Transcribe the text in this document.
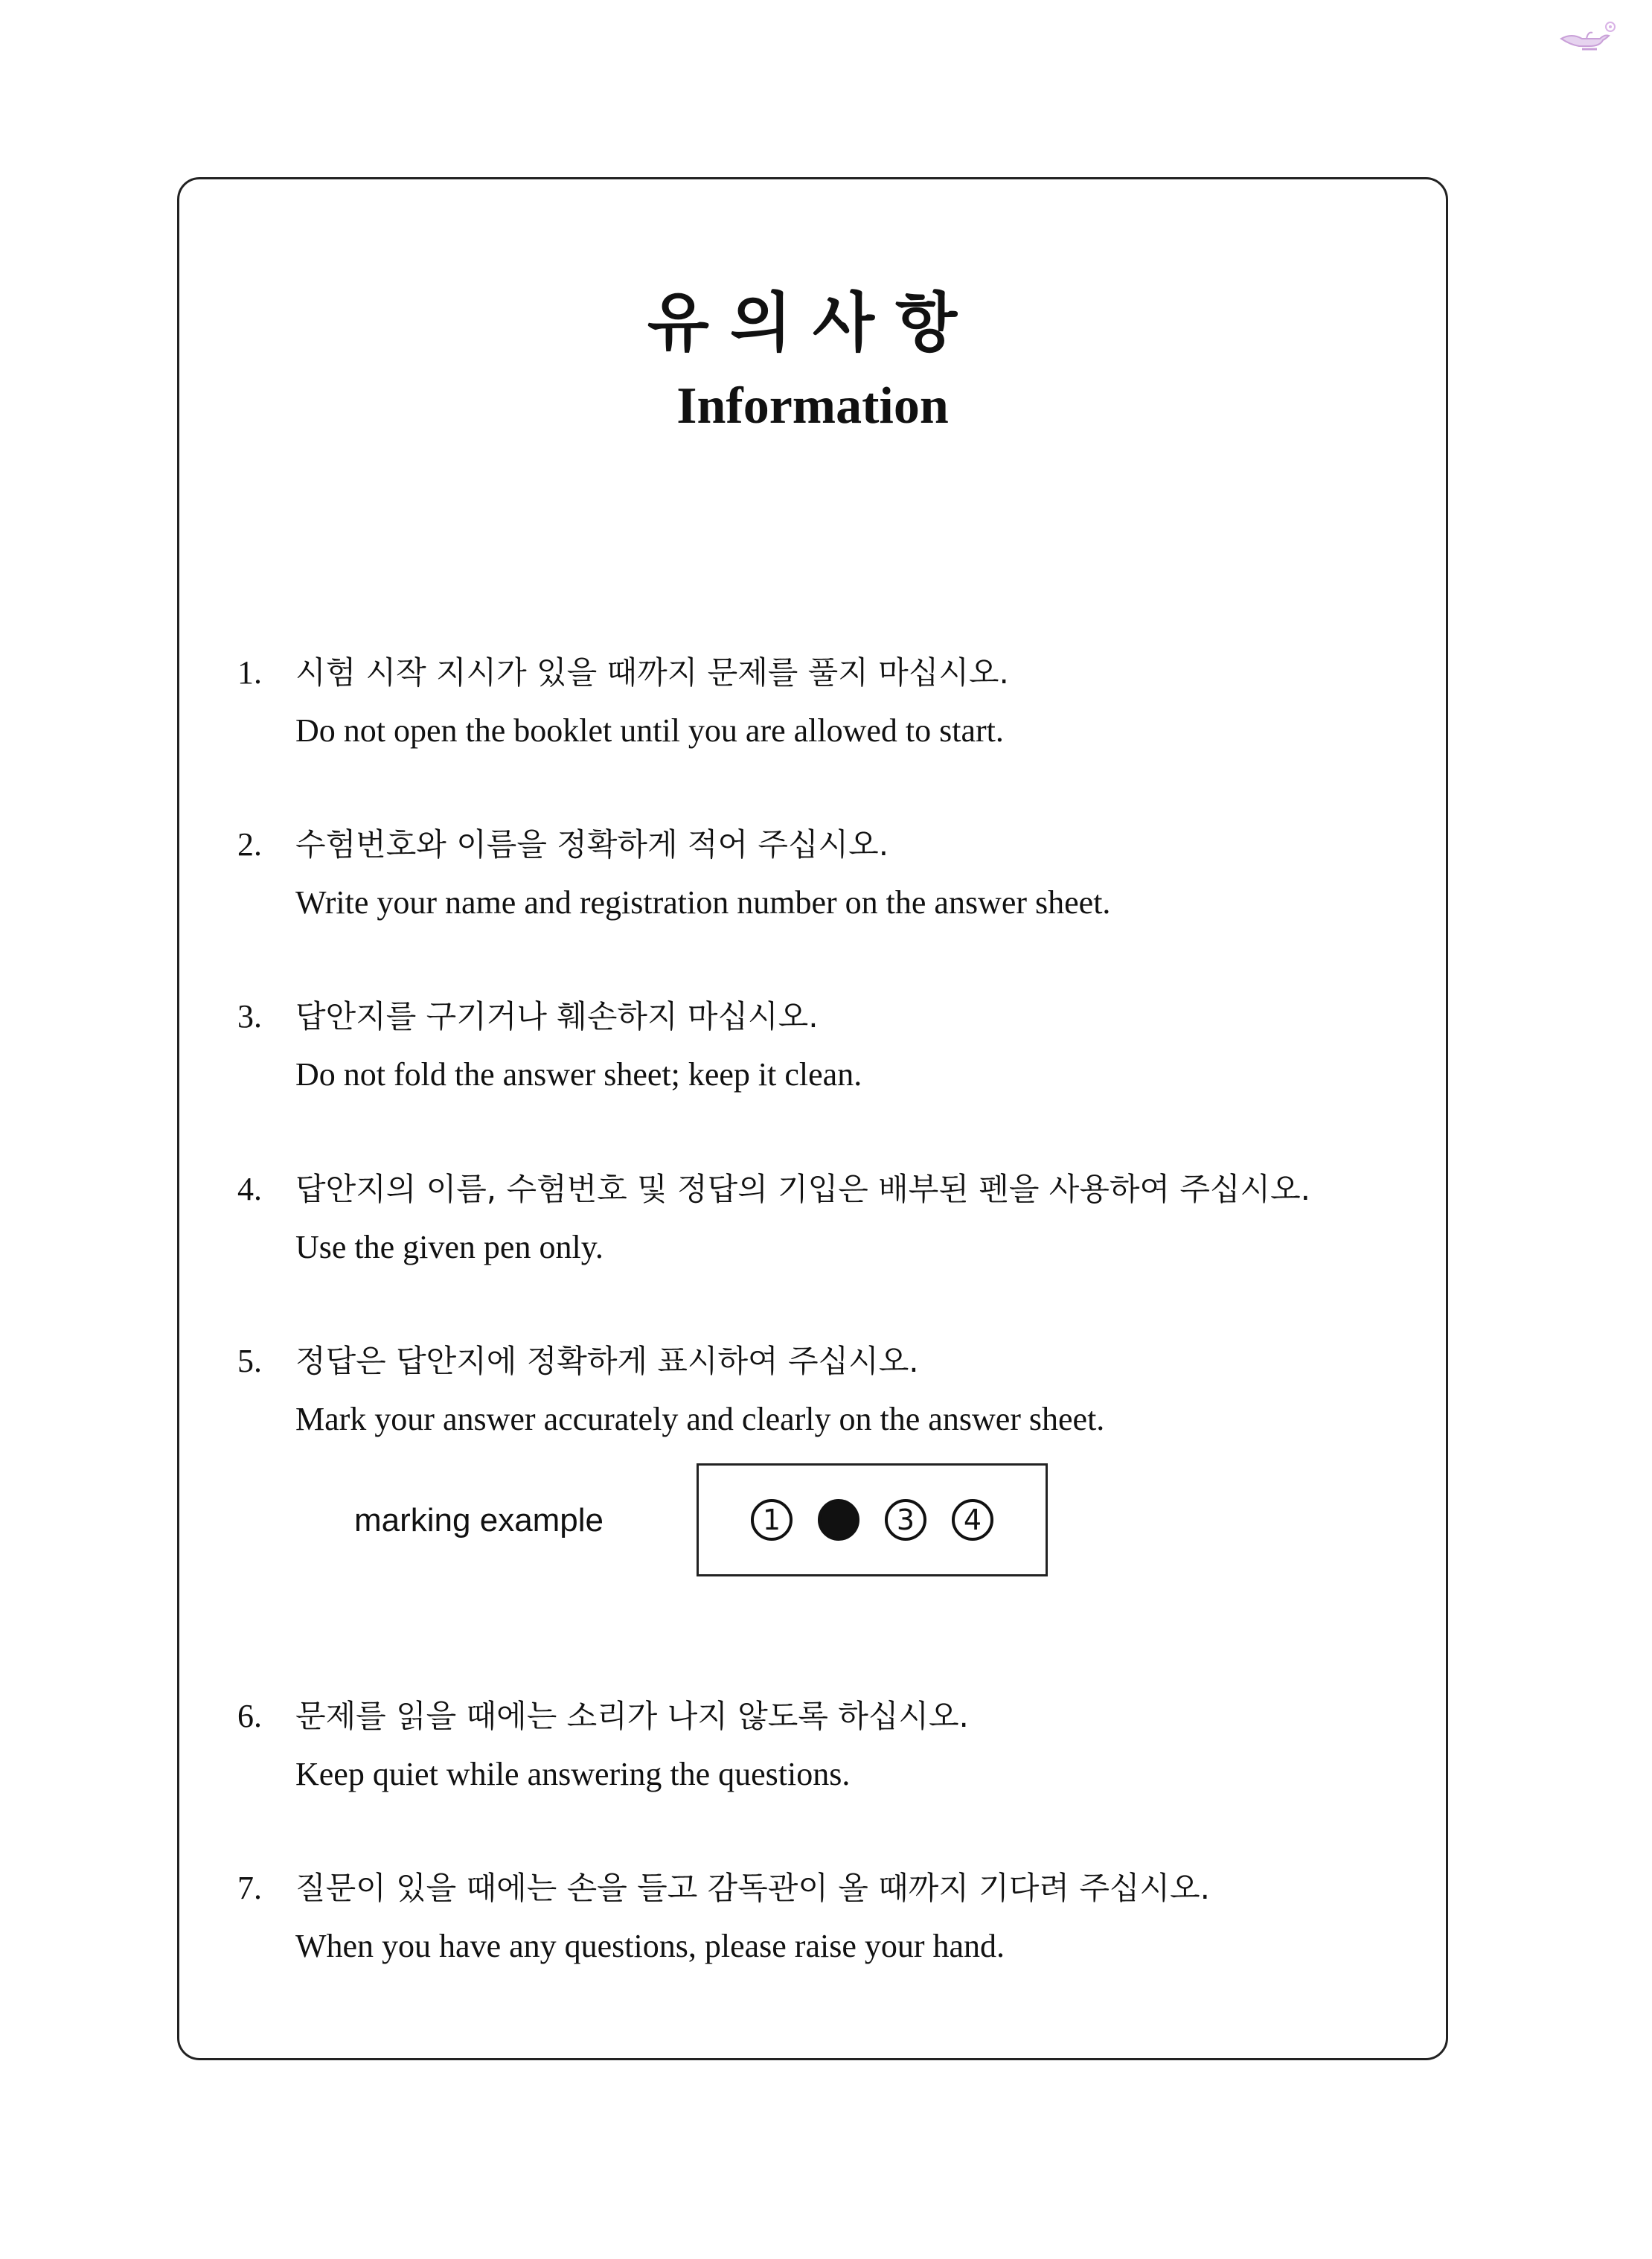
유의사항
Information
1. 시험 시작 지시가 있을 때까지 문제를 풀지 마십시오.
Do not open the booklet until you are allowed to start.
2. 수험번호와 이름을 정확하게 적어 주십시오.
Write your name and registration number on the answer sheet.
3. 답안지를 구기거나 훼손하지 마십시오.
Do not fold the answer sheet; keep it clean.
4. 답안지의 이름, 수험번호 및 정답의 기입은 배부된 펜을 사용하여 주십시오.
Use the given pen only.
5. 정답은 답안지에 정확하게 표시하여 주십시오.
Mark your answer accurately and clearly on the answer sheet.
marking example	1	3	4
6. 문제를 읽을 때에는 소리가 나지 않도록 하십시오.
Keep quiet while answering the questions.
7. 질문이 있을 때에는 손을 들고 감독관이 올 때까지 기다려 주십시오.
When you have any questions, please raise your hand.
